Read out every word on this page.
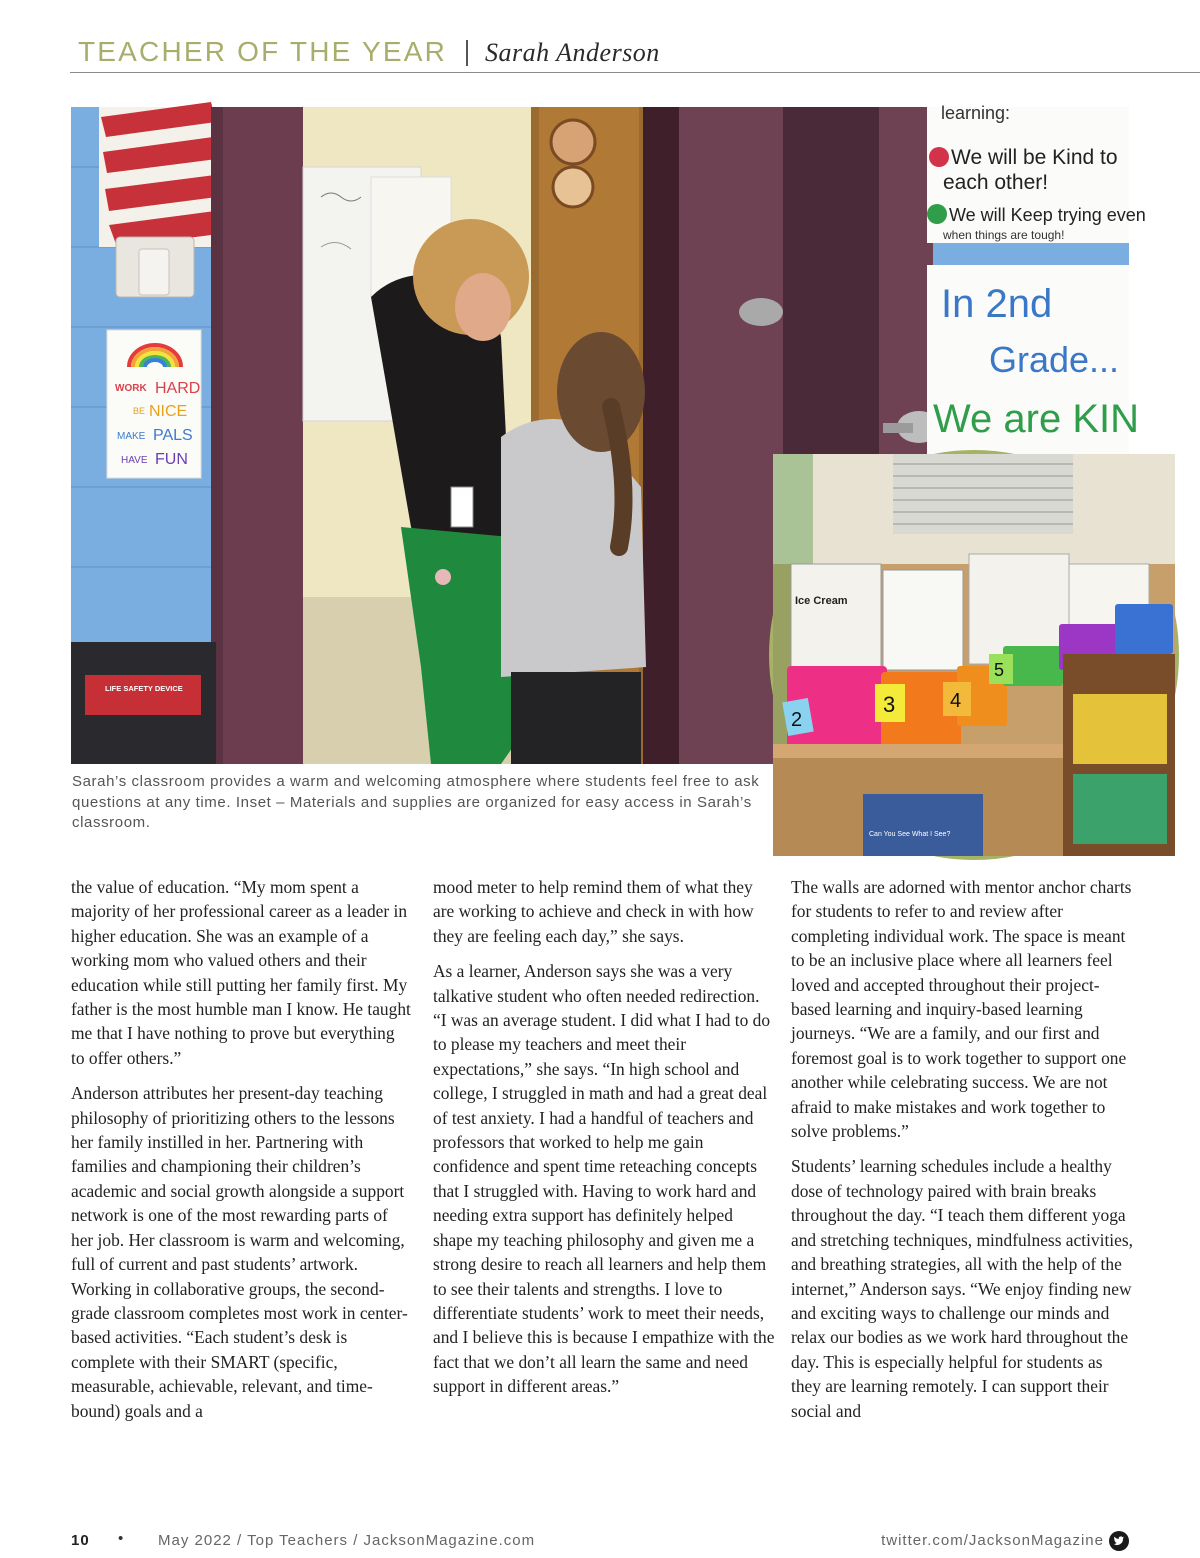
TEACHER OF THE YEAR Sarah Anderson
WORK HARD
BE NICE
MAKE PALS
HAVE FUN
LIFE SAFETY DEVICE
learning:
We will be Kind to
each other!
We will Keep trying even
when things are tough!
In 2nd
Grade...
We are KIN
Ice Cream
2
3	4
5
Can You See What I See?

Sarah’s classroom provides a warm and welcoming atmosphere where students feel free to ask questions at any time. Inset – Materials and supplies are organized for easy access in Sarah’s classroom.

the value of education. “My mom spent a majority of her professional career as a leader in higher education. She was an example of a working mom who valued others and their education while still putting her family first. My father is the most humble man I know. He taught me that I have nothing to prove but everything to offer others.”

Anderson attributes her present-day teaching philosophy of prioritizing others to the lessons her family instilled in her. Partnering with families and championing their children’s academic and social growth alongside a support network is one of the most rewarding parts of her job. Her classroom is warm and welcoming, full of current and past students’ artwork. Working in collaborative groups, the second- grade classroom completes most work in center-based activities. “Each student’s desk is complete with their SMART (specific, measurable, achievable, relevant, and time-bound) goals and a

mood meter to help remind them of what they are working to achieve and check in with how they are feeling each day,” she says.

As a learner, Anderson says she was a very talkative student who often needed redirection. “I was an average student. I did what I had to do to please my teachers and meet their expectations,” she says. “In high school and college, I struggled in math and had a great deal of test anxiety. I had a handful of teachers and professors that worked to help me gain confidence and spent time reteaching concepts that I struggled with. Having to work hard and needing extra support has definitely helped shape my teaching philosophy and given me a strong desire to reach all learners and help them to see their talents and strengths. I love to differentiate students’ work to meet their needs, and I believe this is because I empathize with the fact that we don’t all learn the same and need support in different areas.”

The walls are adorned with mentor anchor charts for students to refer to and review after completing individual work. The space is meant to be an inclusive place where all learners feel loved and accepted throughout their project-based learning and inquiry-based learning journeys. “We are a family, and our first and foremost goal is to work together to support one another while celebrating success. We are not afraid to make mistakes and work together to solve problems.”

Students’ learning schedules include a healthy dose of technology paired with brain breaks throughout the day. “I teach them different yoga and stretching techniques, mindfulness activities, and breathing strategies, all with the help of the internet,” Anderson says. “We enjoy finding new and exciting ways to challenge our minds and relax our bodies as we work hard throughout the day. This is especially helpful for students as they are learning remotely. I can support their social and

10 • May 2022 / Top Teachers / JacksonMagazine.com	twitter.com/JacksonMagazine
